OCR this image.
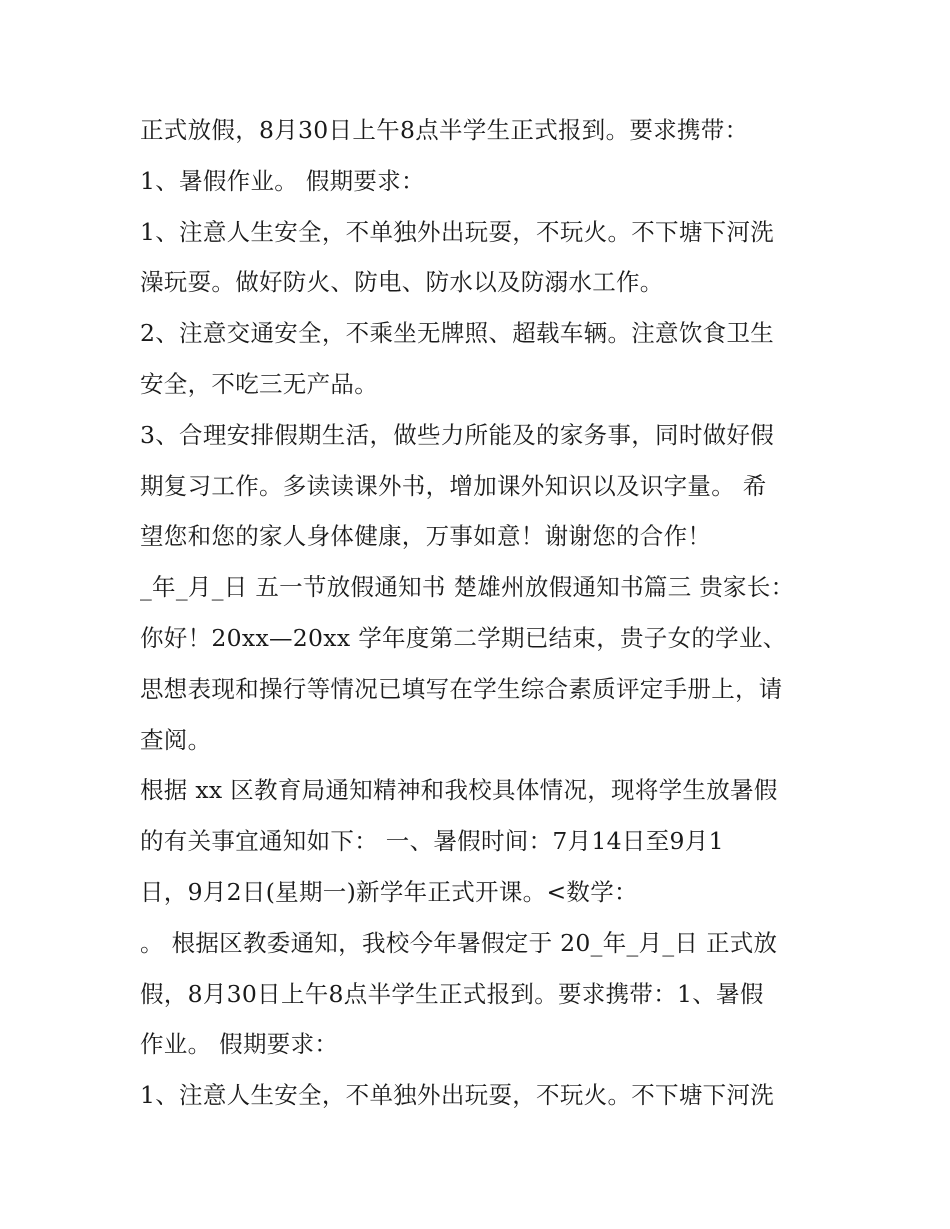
正式放假，8月30日上午8点半学生正式报到。要求携带：
1、暑假作业。 假期要求：
1、注意人生安全，不单独外出玩耍，不玩火。不下塘下河洗
澡玩耍。做好防火、防电、防水以及防溺水工作。
2、注意交通安全，不乘坐无牌照、超载车辆。注意饮食卫生
安全，不吃三无产品。
3、合理安排假期生活，做些力所能及的家务事，同时做好假
期复习工作。多读读课外书，增加课外知识以及识字量。 希
望您和您的家人身体健康，万事如意！谢谢您的合作！
_年_月_日 五一节放假通知书 楚雄州放假通知书篇三 贵家长：
你好！20xx—20xx 学年度第二学期已结束，贵子女的学业、
思想表现和操行等情况已填写在学生综合素质评定手册上，请
查阅。
根据 xx 区教育局通知精神和我校具体情况，现将学生放暑假
的有关事宜通知如下： 一、暑假时间：7月14日至9月1
日，9月2日(星期一)新学年正式开课。<数学：
。 根据区教委通知，我校今年暑假定于 20_年_月_日 正式放
假，8月30日上午8点半学生正式报到。要求携带：1、暑假
作业。 假期要求：
1、注意人生安全，不单独外出玩耍，不玩火。不下塘下河洗
